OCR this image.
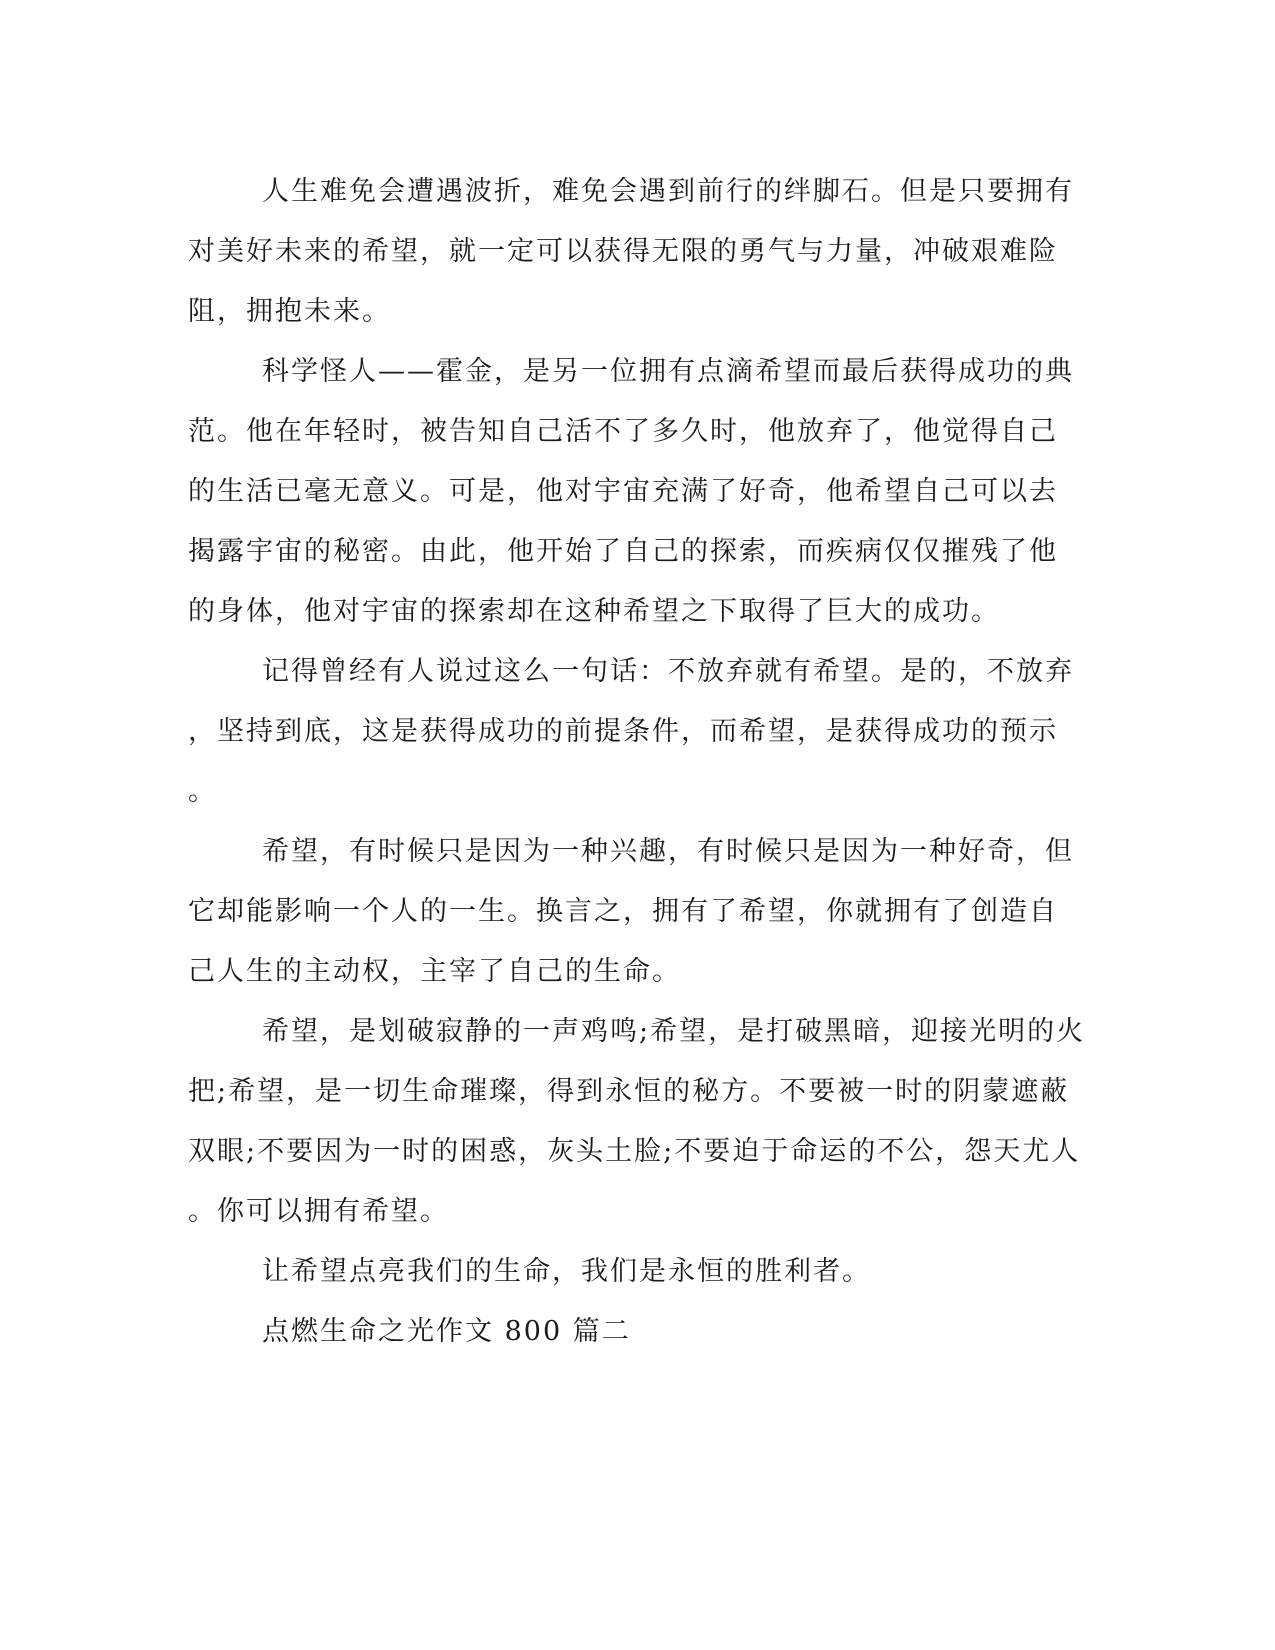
人生难免会遭遇波折，难免会遇到前行的绊脚石。但是只要拥有
对美好未来的希望，就一定可以获得无限的勇气与力量，冲破艰难险
阻，拥抱未来。

科学怪人——霍金，是另一位拥有点滴希望而最后获得成功的典
范。他在年轻时，被告知自己活不了多久时，他放弃了，他觉得自己
的生活已毫无意义。可是，他对宇宙充满了好奇，他希望自己可以去
揭露宇宙的秘密。由此，他开始了自己的探索，而疾病仅仅摧残了他
的身体，他对宇宙的探索却在这种希望之下取得了巨大的成功。

记得曾经有人说过这么一句话：不放弃就有希望。是的，不放弃
，坚持到底，这是获得成功的前提条件，而希望，是获得成功的预示
。

希望，有时候只是因为一种兴趣，有时候只是因为一种好奇，但
它却能影响一个人的一生。换言之，拥有了希望，你就拥有了创造自
己人生的主动权，主宰了自己的生命。

希望，是划破寂静的一声鸡鸣;希望，是打破黑暗，迎接光明的火
把;希望，是一切生命璀璨，得到永恒的秘方。不要被一时的阴蒙遮蔽
双眼;不要因为一时的困惑，灰头土脸;不要迫于命运的不公，怨天尤人
。你可以拥有希望。

让希望点亮我们的生命，我们是永恒的胜利者。

点燃生命之光作文 800 篇二
